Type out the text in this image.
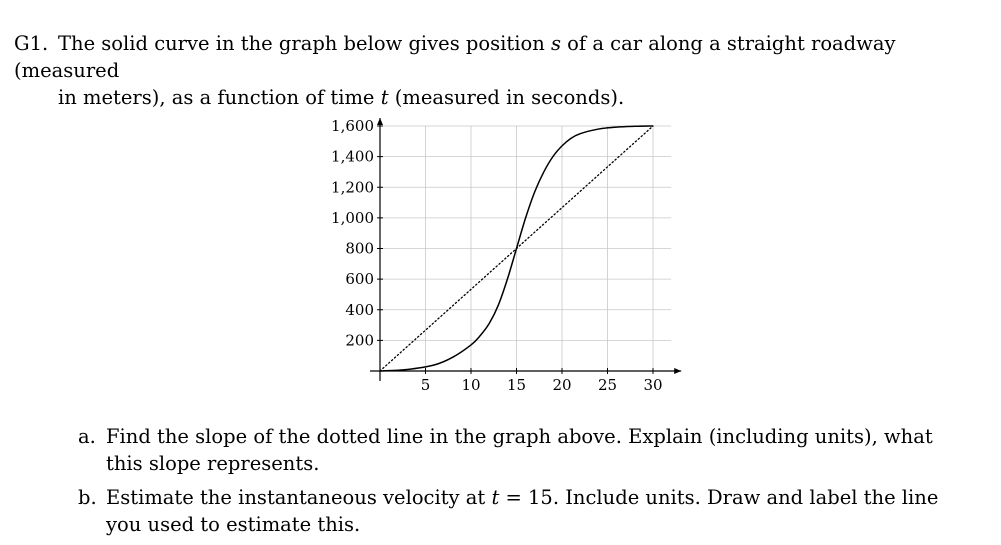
G1. The solid curve in the graph below gives position s of a car along a straight roadway (measured
in meters), as a function of time t (measured in seconds).
5 10 15 20 25 30
200
400
600
800
1,000
1,200
1,400
1,600
a. Find the slope of the dotted line in the graph above. Explain (including units), what
this slope represents.
b. Estimate the instantaneous velocity at t = 15. Include units. Draw and label the line
you used to estimate this.
